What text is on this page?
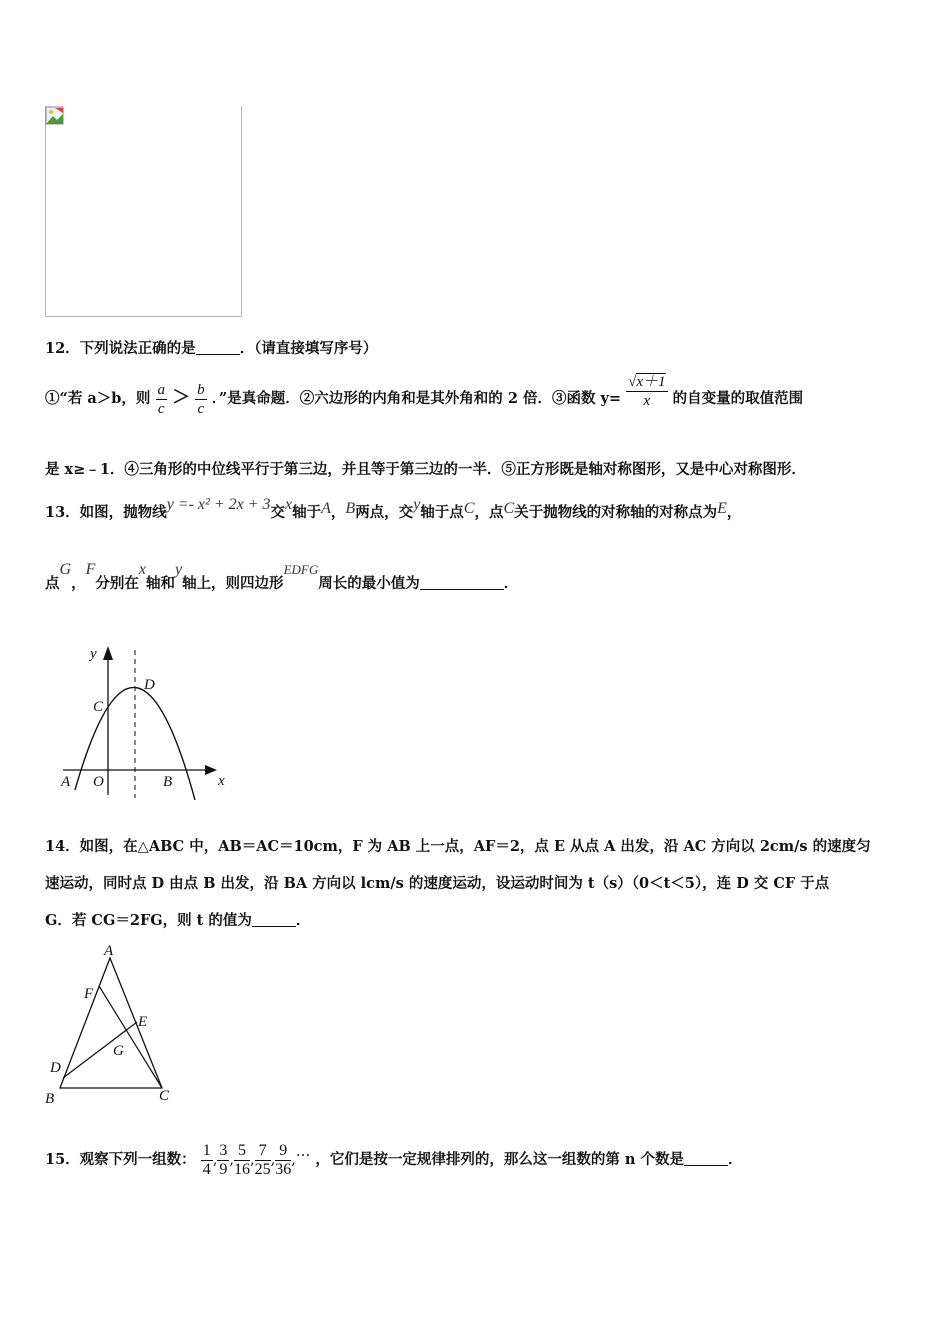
12．下列说法正确的是	．（请直接填写序号）
①“若 a＞b，则 $\frac{a}{c} > \frac{b}{c}$ ．”是真命题．②六边形的内角和是其外角和的 2 倍．③函数 $y= \frac{√x+1}{x}$ 的自变量的取值范围
是 x≥﹣1．④三角形的中位线平行于第三边，并且等于第三边的一半．⑤正方形既是轴对称图形，又是中心对称图形．
13．如图，抛物线y =- x² + 2x + 3交x轴于A，B两点，交y轴于点C，点C关于抛物线的对称轴的对称点为E，
点G，F分别在x轴和y轴上，则四边形EDFG周长的最小值为	．
y
x
D
C
A O	B
14．如图，在△ABC 中，AB＝AC＝10cm，F 为 AB 上一点，AF＝2，点 E 从点 A 出发，沿 AC 方向以 2cm/s 的速度匀
速运动，同时点 D 由点 B 出发，沿 BA 方向以 lcm/s 的速度运动，设运动时间为 t（s）（0＜t＜5），连 D 交 CF 于点
G．若 CG＝2FG，则 t 的值为	．
A
F
E
G
D
B	C
15．观察下列一组数： $\frac{1}{4}$ , $\frac{3}{9}$ , $\frac{5}{16}$ , $\frac{7}{25}$ , $\frac{9}{36}$ ,… ，它们是按一定规律排列的，那么这一组数的第 n 个数是	．
